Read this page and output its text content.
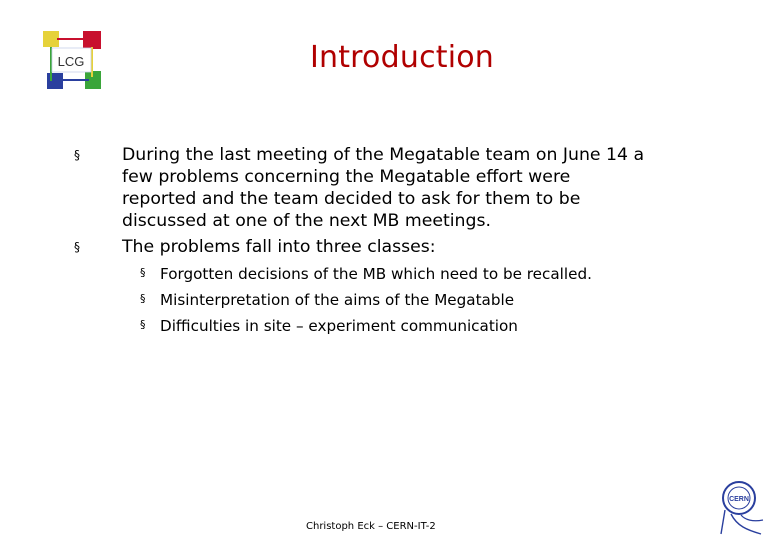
LCG	Introduction
§ During the last meeting of the Megatable team on June 14 a
few problems concerning the Megatable effort were
reported and the team decided to ask for them to be
discussed at one of the next MB meetings.
§ The problems fall into three classes:
§ Forgotten decisions of the MB which need to be recalled.
§ Misinterpretation of the aims of the Megatable
§ Difficulties in site – experiment communication
Christoph Eck – CERN-IT-2
CERN
